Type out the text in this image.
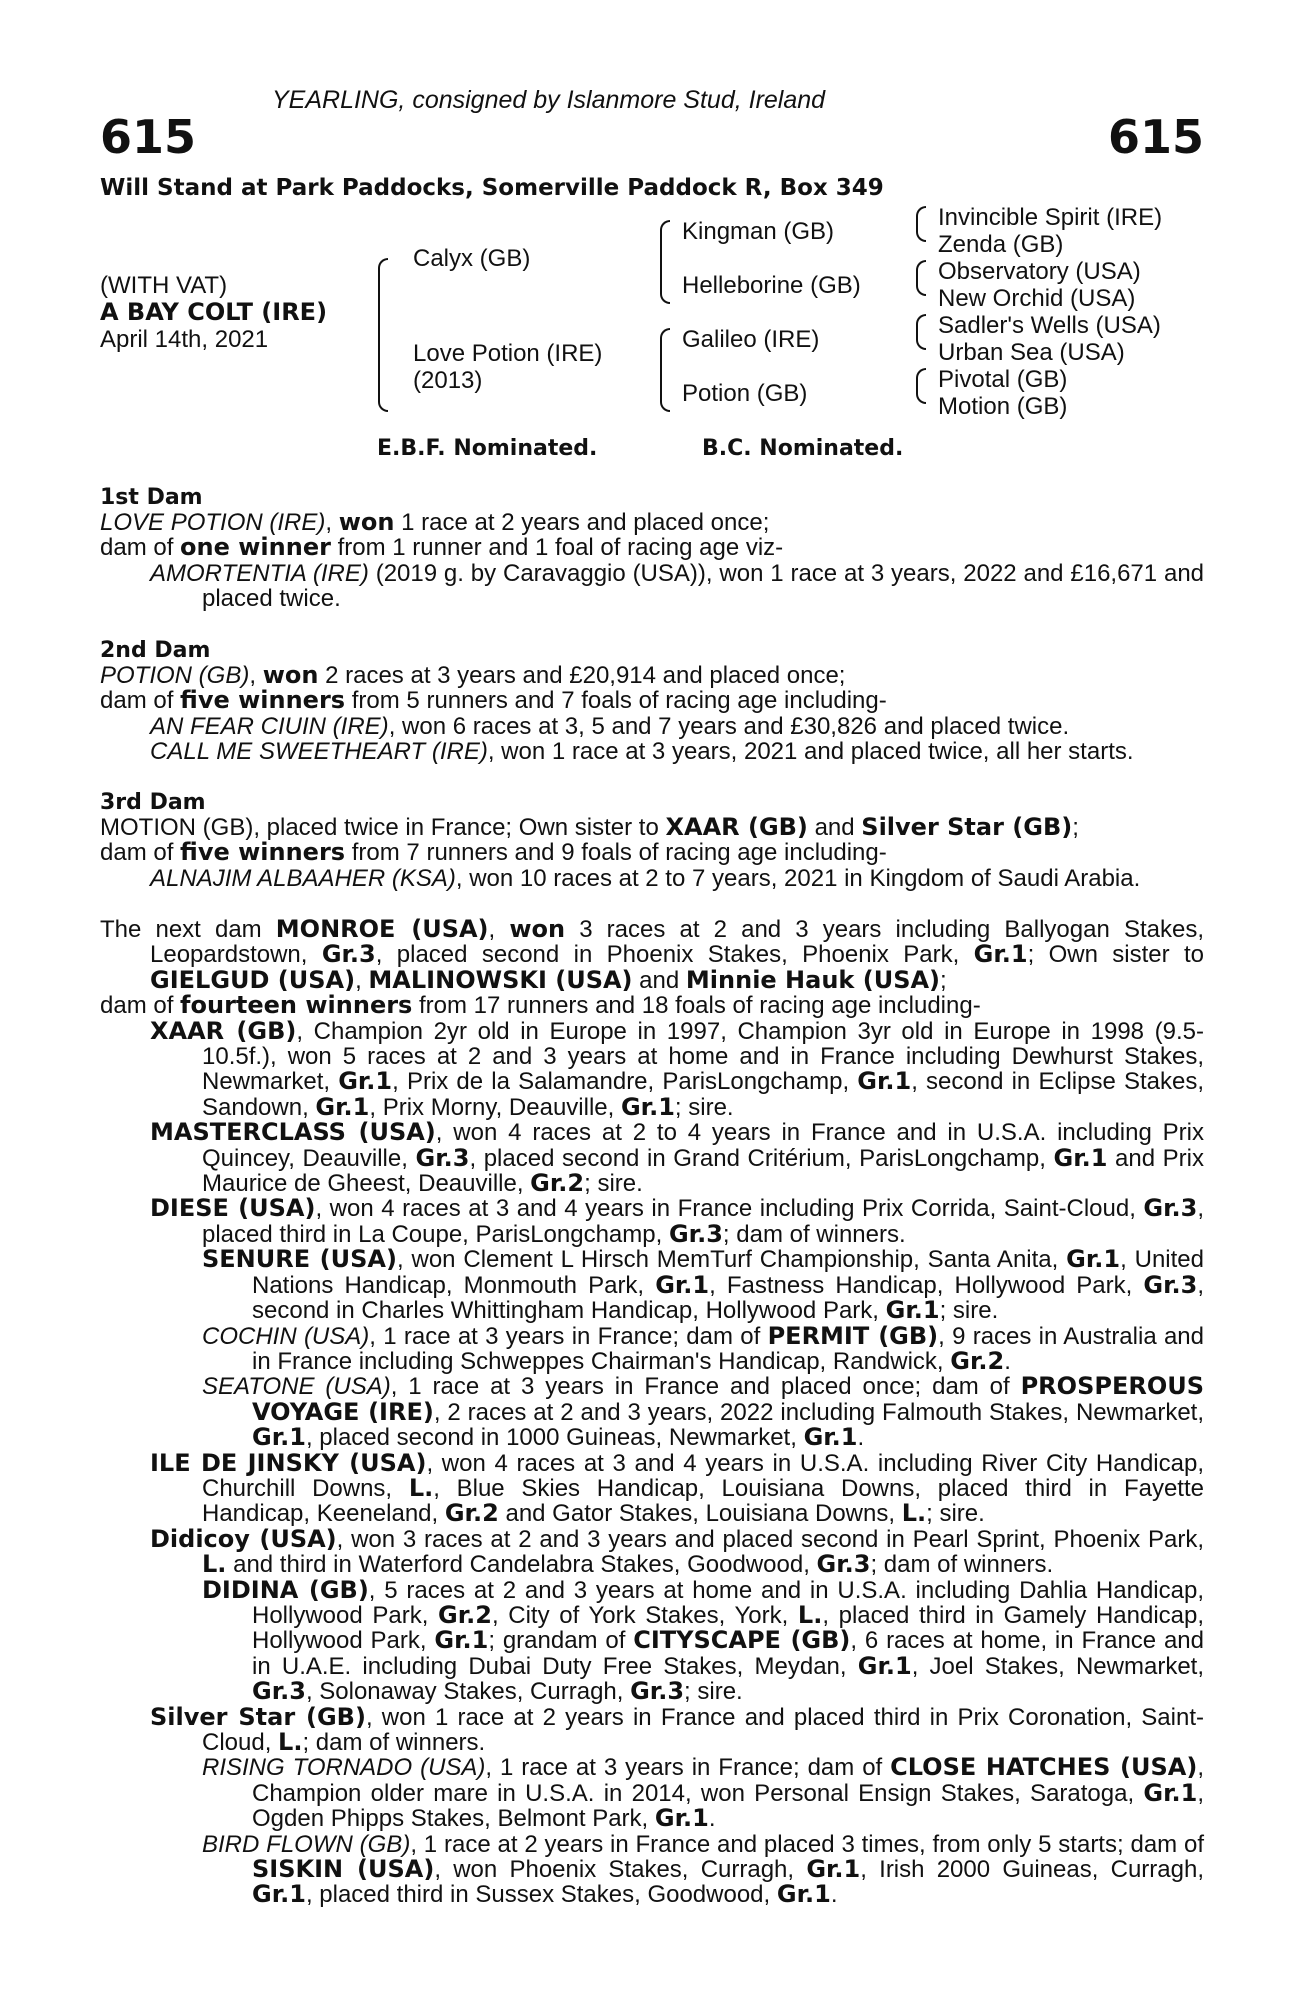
YEARLING, consigned by Islanmore Stud, Ireland
615	615
Will Stand at Park Paddocks, Somerville Paddock R, Box 349
(WITH VAT)
A BAY COLT (IRE)
April 14th, 2021
Calyx (GB)
Love Potion (IRE)
(2013)
Kingman (GB)
Helleborine (GB)
Galileo (IRE)
Potion (GB)
Invincible Spirit (IRE)
Zenda (GB)
Observatory (USA)
New Orchid (USA)
Sadler's Wells (USA)
Urban Sea (USA)
Pivotal (GB)
Motion (GB)
E.B.F. Nominated.	B.C. Nominated.
1st Dam

LOVE POTION (IRE), won 1 race at 2 years and placed once;

dam of one winner from 1 runner and 1 foal of racing age viz-

AMORTENTIA (IRE) (2019 g. by Caravaggio (USA)), won 1 race at 3 years, 2022 and £16,671 and placed twice.

2nd Dam

POTION (GB), won 2 races at 3 years and £20,914 and placed once;

dam of five winners from 5 runners and 7 foals of racing age including-

AN FEAR CIUIN (IRE), won 6 races at 3, 5 and 7 years and £30,826 and placed twice.

CALL ME SWEETHEART (IRE), won 1 race at 3 years, 2021 and placed twice, all her starts.

3rd Dam

MOTION (GB), placed twice in France; Own sister to XAAR (GB) and Silver Star (GB);

dam of five winners from 7 runners and 9 foals of racing age including-

ALNAJIM ALBAAHER (KSA), won 10 races at 2 to 7 years, 2021 in Kingdom of Saudi Arabia.

The next dam MONROE (USA), won 3 races at 2 and 3 years including Ballyogan Stakes, Leopardstown, Gr.3, placed second in Phoenix Stakes, Phoenix Park, Gr.1; Own sister to GIELGUD (USA), MALINOWSKI (USA) and Minnie Hauk (USA);

dam of fourteen winners from 17 runners and 18 foals of racing age including-

XAAR (GB), Champion 2yr old in Europe in 1997, Champion 3yr old in Europe in 1998 (9.5-10.5f.), won 5 races at 2 and 3 years at home and in France including Dewhurst Stakes, Newmarket, Gr.1, Prix de la Salamandre, ParisLongchamp, Gr.1, second in Eclipse Stakes, Sandown, Gr.1, Prix Morny, Deauville, Gr.1; sire.

MASTERCLASS (USA), won 4 races at 2 to 4 years in France and in U.S.A. including Prix Quincey, Deauville, Gr.3, placed second in Grand Critérium, ParisLongchamp, Gr.1 and Prix Maurice de Gheest, Deauville, Gr.2; sire.

DIESE (USA), won 4 races at 3 and 4 years in France including Prix Corrida, Saint-Cloud, Gr.3, placed third in La Coupe, ParisLongchamp, Gr.3; dam of winners.

SENURE (USA), won Clement L Hirsch MemTurf Championship, Santa Anita, Gr.1, United Nations Handicap, Monmouth Park, Gr.1, Fastness Handicap, Hollywood Park, Gr.3, second in Charles Whittingham Handicap, Hollywood Park, Gr.1; sire.

COCHIN (USA), 1 race at 3 years in France; dam of PERMIT (GB), 9 races in Australia and in France including Schweppes Chairman's Handicap, Randwick, Gr.2.

SEATONE (USA), 1 race at 3 years in France and placed once; dam of PROSPEROUS VOYAGE (IRE), 2 races at 2 and 3 years, 2022 including Falmouth Stakes, Newmarket, Gr.1, placed second in 1000 Guineas, Newmarket, Gr.1.

ILE DE JINSKY (USA), won 4 races at 3 and 4 years in U.S.A. including River City Handicap, Churchill Downs, L., Blue Skies Handicap, Louisiana Downs, placed third in Fayette Handicap, Keeneland, Gr.2 and Gator Stakes, Louisiana Downs, L.; sire.

Didicoy (USA), won 3 races at 2 and 3 years and placed second in Pearl Sprint, Phoenix Park, L. and third in Waterford Candelabra Stakes, Goodwood, Gr.3; dam of winners.

DIDINA (GB), 5 races at 2 and 3 years at home and in U.S.A. including Dahlia Handicap, Hollywood Park, Gr.2, City of York Stakes, York, L., placed third in Gamely Handicap, Hollywood Park, Gr.1; grandam of CITYSCAPE (GB), 6 races at home, in France and in U.A.E. including Dubai Duty Free Stakes, Meydan, Gr.1, Joel Stakes, Newmarket, Gr.3, Solonaway Stakes, Curragh, Gr.3; sire.

Silver Star (GB), won 1 race at 2 years in France and placed third in Prix Coronation, Saint-Cloud, L.; dam of winners.

RISING TORNADO (USA), 1 race at 3 years in France; dam of CLOSE HATCHES (USA), Champion older mare in U.S.A. in 2014, won Personal Ensign Stakes, Saratoga, Gr.1, Ogden Phipps Stakes, Belmont Park, Gr.1.

BIRD FLOWN (GB), 1 race at 2 years in France and placed 3 times, from only 5 starts; dam of SISKIN (USA), won Phoenix Stakes, Curragh, Gr.1, Irish 2000 Guineas, Curragh, Gr.1, placed third in Sussex Stakes, Goodwood, Gr.1.
